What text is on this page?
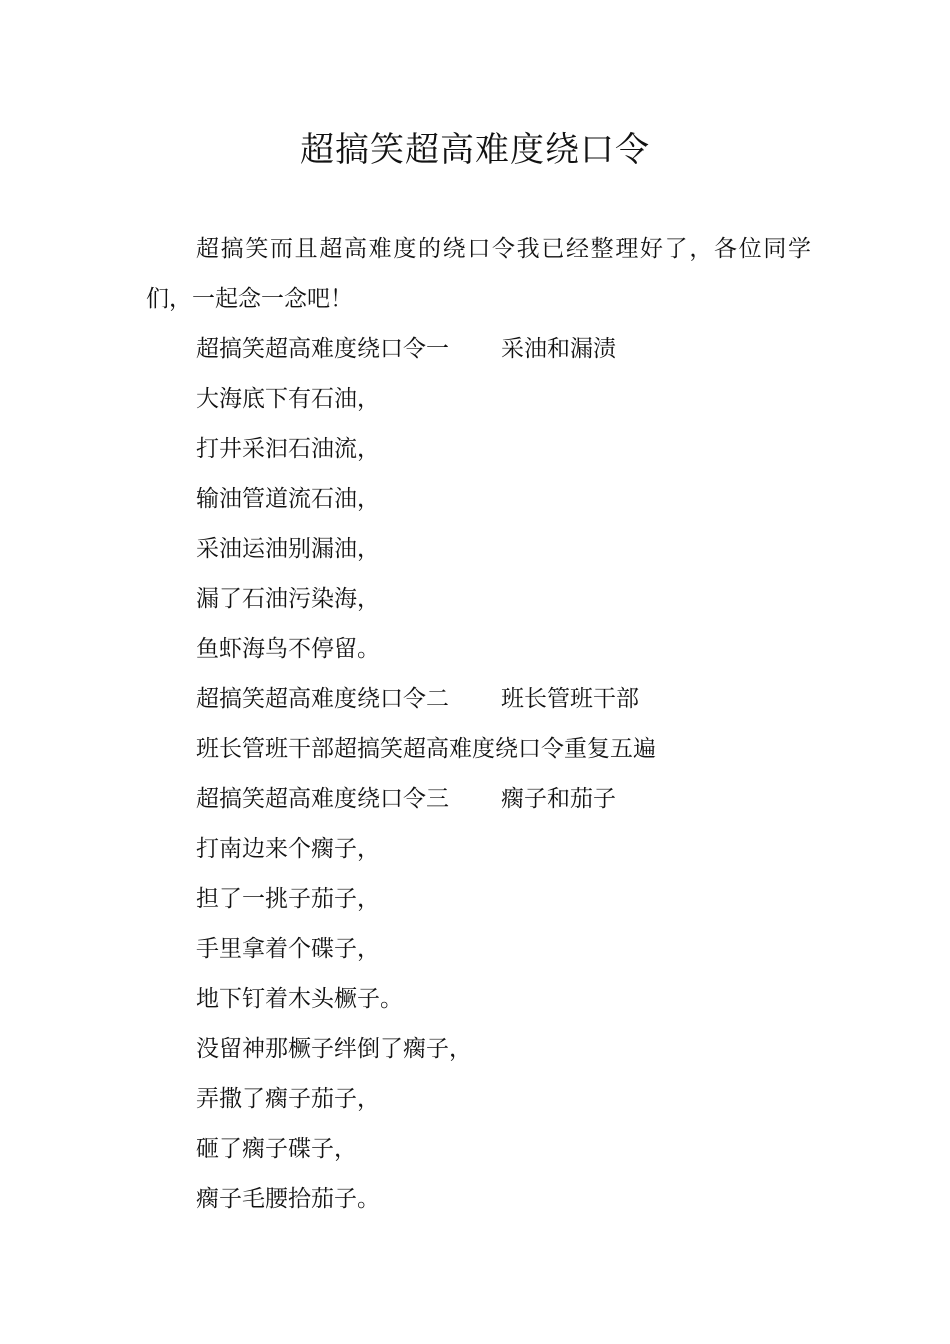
超搞笑超高难度绕口令

超搞笑而且超高难度的绕口令我已经整理好了，各位同学们，一起念一念吧！

超搞笑超高难度绕口令一 采油和漏渍

大海底下有石油，

打井采汩石油流，

输油管道流石油，

采油运油别漏油，

漏了石油污染海，

鱼虾海鸟不停留。

超搞笑超高难度绕口令二 班长管班干部

班长管班干部超搞笑超高难度绕口令重复五遍

超搞笑超高难度绕口令三 瘸子和茄子

打南边来个瘸子，

担了一挑子茄子，

手里拿着个碟子，

地下钉着木头橛子。

没留神那橛子绊倒了瘸子，

弄撒了瘸子茄子，

砸了瘸子碟子，

瘸子毛腰拾茄子。
